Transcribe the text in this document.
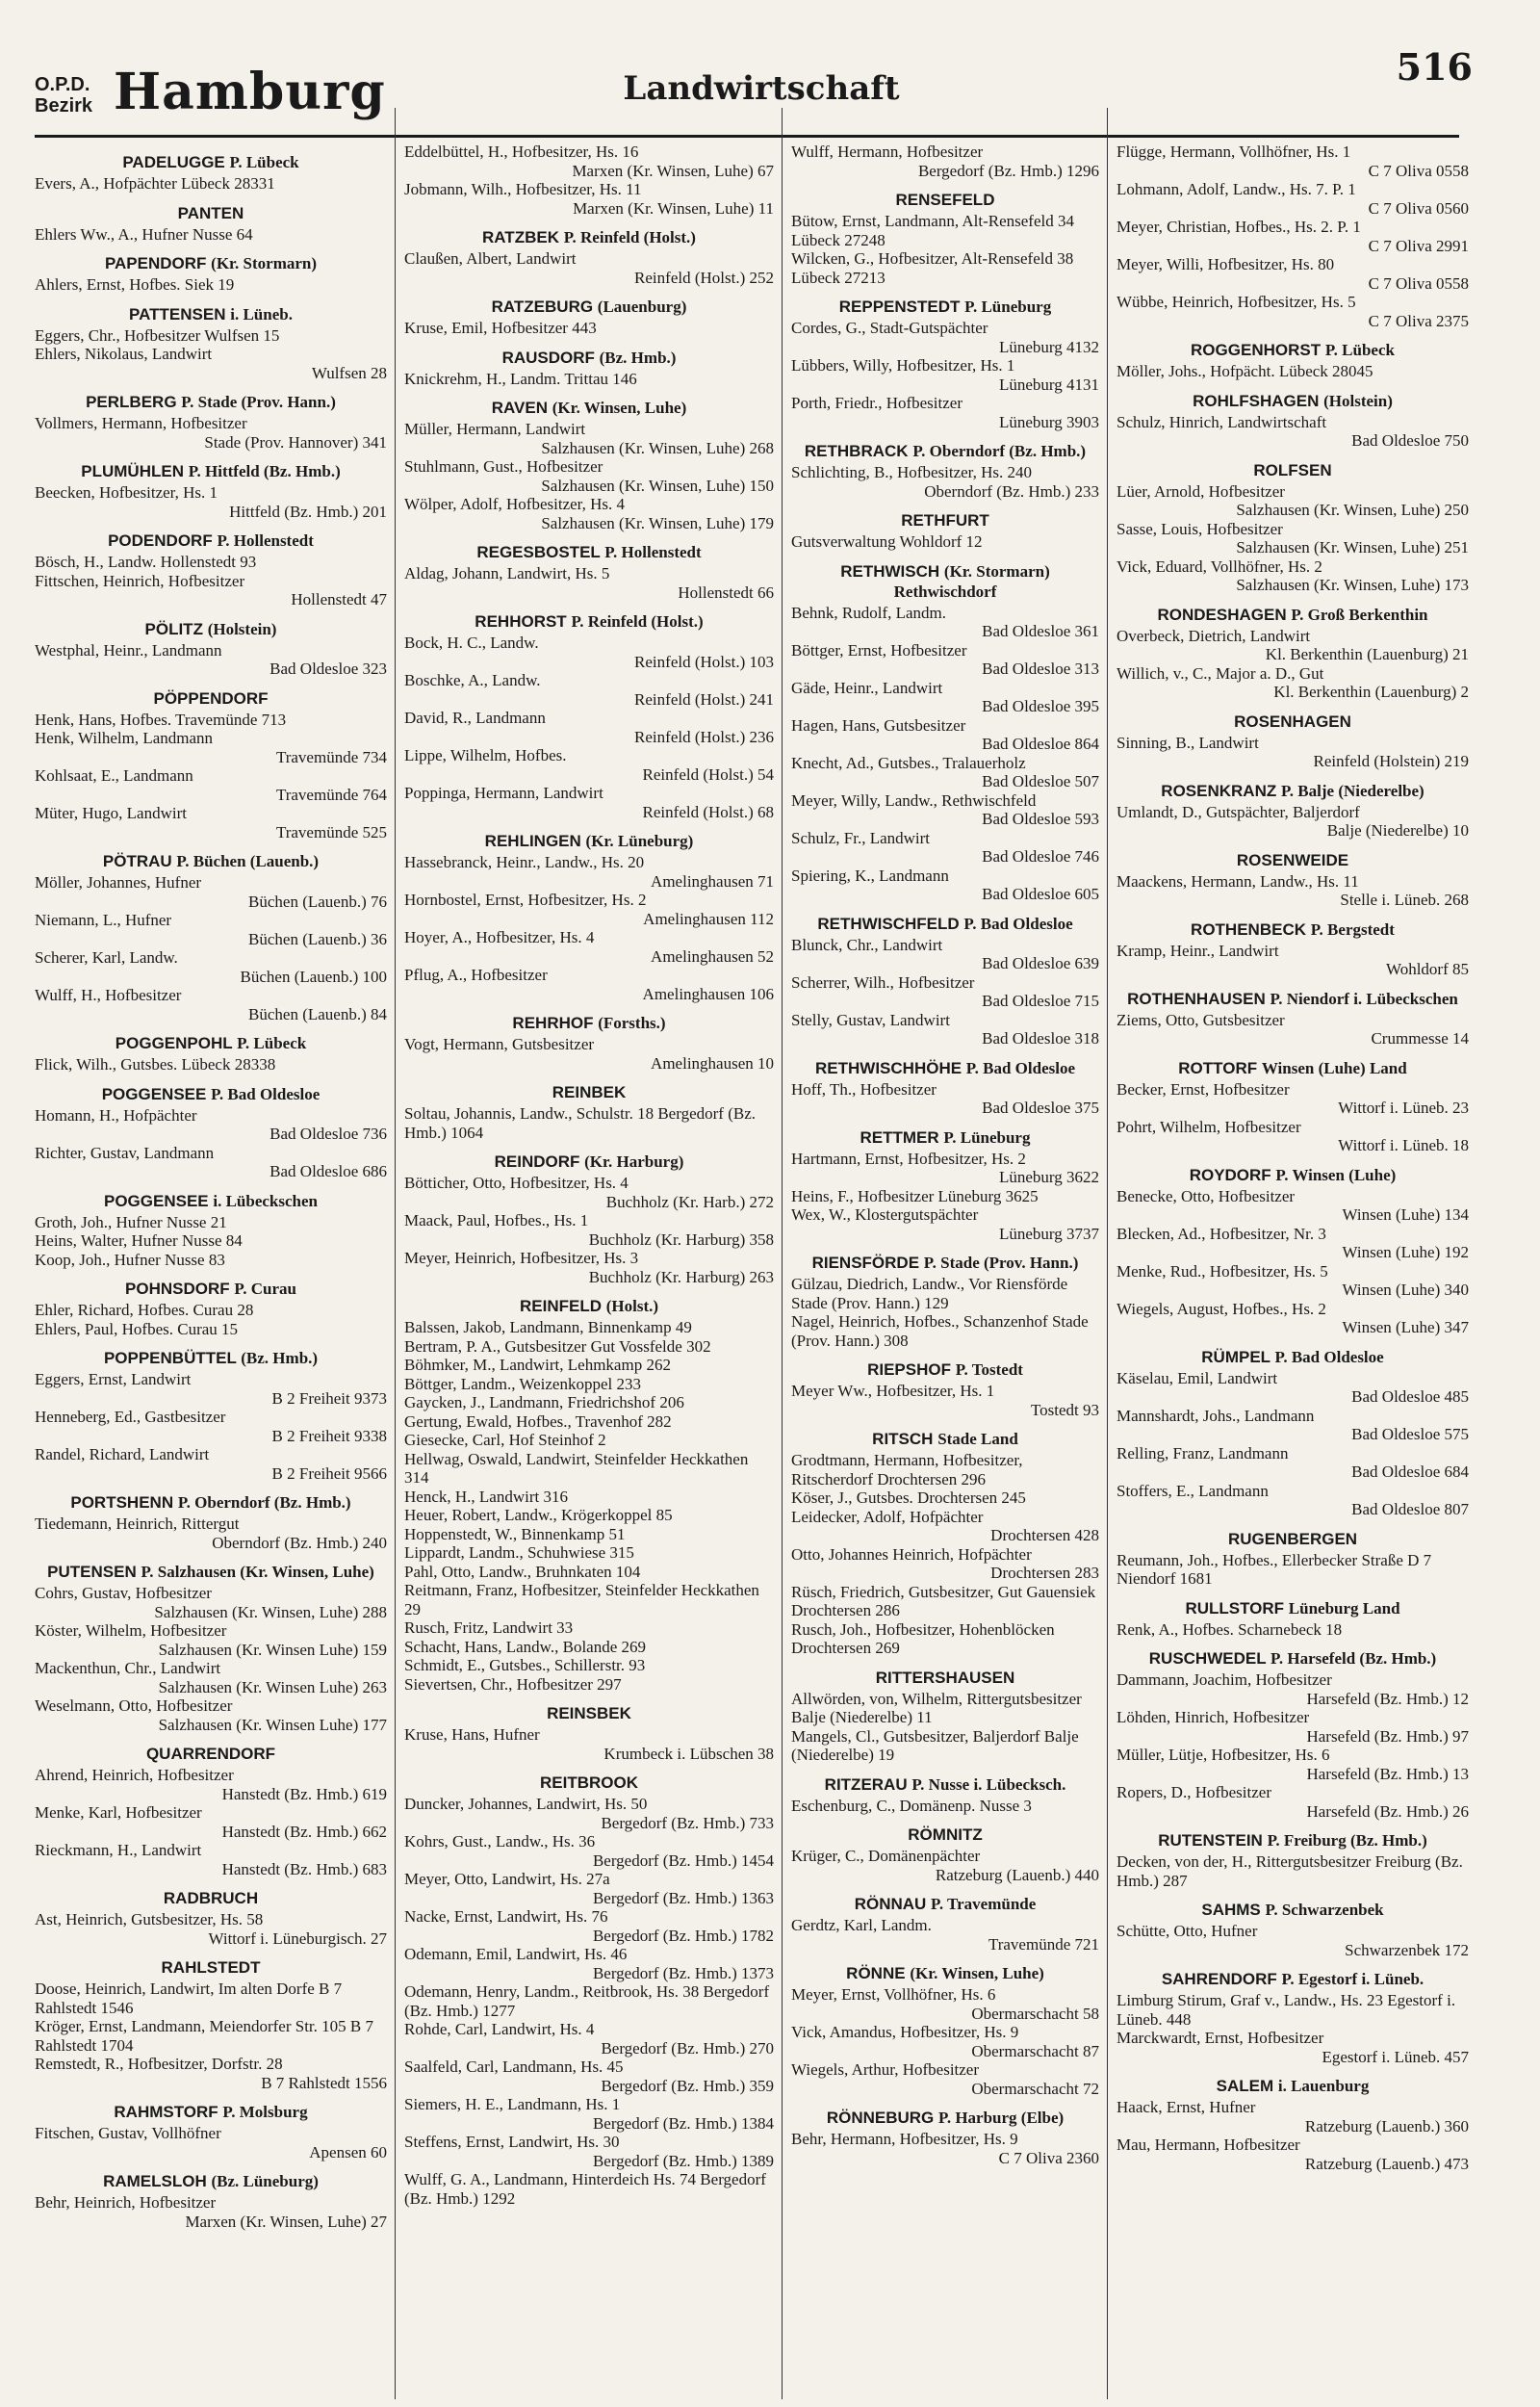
O.P.D.
Bezirk Hamburg	Landwirtschaft	516
PADELUGGE P. Lübeck
Evers, A., Hofpächter Lübeck 28331
PANTEN
Ehlers Ww., A., Hufner Nusse 64
PAPENDORF (Kr. Stormarn)
Ahlers, Ernst, Hofbes. Siek 19
PATTENSEN i. Lüneb.
Eggers, Chr., Hofbesitzer Wulfsen 15
Ehlers, Nikolaus, Landwirt
Wulfsen 28
PERLBERG P. Stade (Prov. Hann.)
Vollmers, Hermann, Hofbesitzer
Stade (Prov. Hannover) 341
PLUMÜHLEN P. Hittfeld (Bz. Hmb.)
Beecken, Hofbesitzer, Hs. 1
Hittfeld (Bz. Hmb.) 201
PODENDORF P. Hollenstedt
Bösch, H., Landw. Hollenstedt 93
Fittschen, Heinrich, Hofbesitzer
Hollenstedt 47
PÖLITZ (Holstein)
Westphal, Heinr., Landmann
Bad Oldesloe 323
PÖPPENDORF
Henk, Hans, Hofbes. Travemünde 713
Henk, Wilhelm, Landmann
Travemünde 734
Kohlsaat, E., Landmann
Travemünde 764
Müter, Hugo, Landwirt
Travemünde 525
PÖTRAU P. Büchen (Lauenb.)
Möller, Johannes, Hufner
Büchen (Lauenb.) 76
Niemann, L., Hufner
Büchen (Lauenb.) 36
Scherer, Karl, Landw.
Büchen (Lauenb.) 100
Wulff, H., Hofbesitzer
Büchen (Lauenb.) 84
POGGENPOHL P. Lübeck
Flick, Wilh., Gutsbes. Lübeck 28338
POGGENSEE P. Bad Oldesloe
Homann, H., Hofpächter
Bad Oldesloe 736
Richter, Gustav, Landmann
Bad Oldesloe 686
POGGENSEE i. Lübeckschen
Groth, Joh., Hufner Nusse 21
Heins, Walter, Hufner Nusse 84
Koop, Joh., Hufner Nusse 83
POHNSDORF P. Curau
Ehler, Richard, Hofbes. Curau 28
Ehlers, Paul, Hofbes. Curau 15
POPPENBÜTTEL (Bz. Hmb.)
Eggers, Ernst, Landwirt
B 2 Freiheit 9373
Henneberg, Ed., Gastbesitzer
B 2 Freiheit 9338
Randel, Richard, Landwirt
B 2 Freiheit 9566
PORTSHENN P. Oberndorf (Bz. Hmb.)
Tiedemann, Heinrich, Rittergut
Oberndorf (Bz. Hmb.) 240
PUTENSEN P. Salzhausen (Kr. Winsen, Luhe)
Cohrs, Gustav, Hofbesitzer
Salzhausen (Kr. Winsen, Luhe) 288
Köster, Wilhelm, Hofbesitzer
Salzhausen (Kr. Winsen Luhe) 159
Mackenthun, Chr., Landwirt
Salzhausen (Kr. Winsen Luhe) 263
Weselmann, Otto, Hofbesitzer
Salzhausen (Kr. Winsen Luhe) 177
QUARRENDORF
Ahrend, Heinrich, Hofbesitzer
Hanstedt (Bz. Hmb.) 619
Menke, Karl, Hofbesitzer
Hanstedt (Bz. Hmb.) 662
Rieckmann, H., Landwirt
Hanstedt (Bz. Hmb.) 683
RADBRUCH
Ast, Heinrich, Gutsbesitzer, Hs. 58
Wittorf i. Lüneburgisch. 27
RAHLSTEDT
Doose, Heinrich, Landwirt, Im alten Dorfe B 7 Rahlstedt 1546
Kröger, Ernst, Landmann, Meiendorfer Str. 105 B 7 Rahlstedt 1704
Remstedt, R., Hofbesitzer, Dorfstr. 28
B 7 Rahlstedt 1556
RAHMSTORF P. Molsburg
Fitschen, Gustav, Vollhöfner
Apensen 60
RAMELSLOH (Bz. Lüneburg)
Behr, Heinrich, Hofbesitzer
Marxen (Kr. Winsen, Luhe) 27
Eddelbüttel, H., Hofbesitzer, Hs. 16
Marxen (Kr. Winsen, Luhe) 67
Jobmann, Wilh., Hofbesitzer, Hs. 11
Marxen (Kr. Winsen, Luhe) 11
RATZBEK P. Reinfeld (Holst.)
Claußen, Albert, Landwirt
Reinfeld (Holst.) 252
RATZEBURG (Lauenburg)
Kruse, Emil, Hofbesitzer 443
RAUSDORF (Bz. Hmb.)
Knickrehm, H., Landm. Trittau 146
RAVEN (Kr. Winsen, Luhe)
Müller, Hermann, Landwirt
Salzhausen (Kr. Winsen, Luhe) 268
Stuhlmann, Gust., Hofbesitzer
Salzhausen (Kr. Winsen, Luhe) 150
Wölper, Adolf, Hofbesitzer, Hs. 4
Salzhausen (Kr. Winsen, Luhe) 179
REGESBOSTEL P. Hollenstedt
Aldag, Johann, Landwirt, Hs. 5
Hollenstedt 66
REHHORST P. Reinfeld (Holst.)
Bock, H. C., Landw.
Reinfeld (Holst.) 103
Boschke, A., Landw.
Reinfeld (Holst.) 241
David, R., Landmann
Reinfeld (Holst.) 236
Lippe, Wilhelm, Hofbes.
Reinfeld (Holst.) 54
Poppinga, Hermann, Landwirt
Reinfeld (Holst.) 68
REHLINGEN (Kr. Lüneburg)
Hassebranck, Heinr., Landw., Hs. 20
Amelinghausen 71
Hornbostel, Ernst, Hofbesitzer, Hs. 2
Amelinghausen 112
Hoyer, A., Hofbesitzer, Hs. 4
Amelinghausen 52
Pflug, A., Hofbesitzer
Amelinghausen 106
REHRHOF (Forsths.)
Vogt, Hermann, Gutsbesitzer
Amelinghausen 10
REINBEK
Soltau, Johannis, Landw., Schulstr. 18 Bergedorf (Bz. Hmb.) 1064
REINDORF (Kr. Harburg)
Bötticher, Otto, Hofbesitzer, Hs. 4
Buchholz (Kr. Harb.) 272
Maack, Paul, Hofbes., Hs. 1
Buchholz (Kr. Harburg) 358
Meyer, Heinrich, Hofbesitzer, Hs. 3
Buchholz (Kr. Harburg) 263
REINFELD (Holst.)
Balssen, Jakob, Landmann, Binnenkamp 49
Bertram, P. A., Gutsbesitzer Gut Vossfelde 302
Böhmker, M., Landwirt, Lehmkamp 262
Böttger, Landm., Weizenkoppel 233
Gaycken, J., Landmann, Friedrichshof 206
Gertung, Ewald, Hofbes., Travenhof 282
Giesecke, Carl, Hof Steinhof 2
Hellwag, Oswald, Landwirt, Steinfelder Heckkathen 314
Henck, H., Landwirt 316
Heuer, Robert, Landw., Krögerkoppel 85
Hoppenstedt, W., Binnenkamp 51
Lippardt, Landm., Schuhwiese 315
Pahl, Otto, Landw., Bruhnkaten 104
Reitmann, Franz, Hofbesitzer, Steinfelder Heckkathen 29
Rusch, Fritz, Landwirt 33
Schacht, Hans, Landw., Bolande 269
Schmidt, E., Gutsbes., Schillerstr. 93
Sievertsen, Chr., Hofbesitzer 297
REINSBEK
Kruse, Hans, Hufner
Krumbeck i. Lübschen 38
REITBROOK
Duncker, Johannes, Landwirt, Hs. 50
Bergedorf (Bz. Hmb.) 733
Kohrs, Gust., Landw., Hs. 36
Bergedorf (Bz. Hmb.) 1454
Meyer, Otto, Landwirt, Hs. 27a
Bergedorf (Bz. Hmb.) 1363
Nacke, Ernst, Landwirt, Hs. 76
Bergedorf (Bz. Hmb.) 1782
Odemann, Emil, Landwirt, Hs. 46
Bergedorf (Bz. Hmb.) 1373
Odemann, Henry, Landm., Reitbrook, Hs. 38 Bergedorf (Bz. Hmb.) 1277
Rohde, Carl, Landwirt, Hs. 4
Bergedorf (Bz. Hmb.) 270
Saalfeld, Carl, Landmann, Hs. 45
Bergedorf (Bz. Hmb.) 359
Siemers, H. E., Landmann, Hs. 1
Bergedorf (Bz. Hmb.) 1384
Steffens, Ernst, Landwirt, Hs. 30
Bergedorf (Bz. Hmb.) 1389
Wulff, G. A., Landmann, Hinterdeich Hs. 74 Bergedorf (Bz. Hmb.) 1292
Wulff, Hermann, Hofbesitzer
Bergedorf (Bz. Hmb.) 1296
RENSEFELD
Bütow, Ernst, Landmann, Alt-Rensefeld 34 Lübeck 27248
Wilcken, G., Hofbesitzer, Alt-Rensefeld 38 Lübeck 27213
REPPENSTEDT P. Lüneburg
Cordes, G., Stadt-Gutspächter
Lüneburg 4132
Lübbers, Willy, Hofbesitzer, Hs. 1
Lüneburg 4131
Porth, Friedr., Hofbesitzer
Lüneburg 3903
RETHBRACK P. Oberndorf (Bz. Hmb.)
Schlichting, B., Hofbesitzer, Hs. 240
Oberndorf (Bz. Hmb.) 233
RETHFURT
Gutsverwaltung Wohldorf 12
RETHWISCH (Kr. Stormarn) Rethwischdorf
Behnk, Rudolf, Landm.
Bad Oldesloe 361
Böttger, Ernst, Hofbesitzer
Bad Oldesloe 313
Gäde, Heinr., Landwirt
Bad Oldesloe 395
Hagen, Hans, Gutsbesitzer
Bad Oldesloe 864
Knecht, Ad., Gutsbes., Tralauerholz
Bad Oldesloe 507
Meyer, Willy, Landw., Rethwischfeld
Bad Oldesloe 593
Schulz, Fr., Landwirt
Bad Oldesloe 746
Spiering, K., Landmann
Bad Oldesloe 605
RETHWISCHFELD P. Bad Oldesloe
Blunck, Chr., Landwirt
Bad Oldesloe 639
Scherrer, Wilh., Hofbesitzer
Bad Oldesloe 715
Stelly, Gustav, Landwirt
Bad Oldesloe 318
RETHWISCHHÖHE P. Bad Oldesloe
Hoff, Th., Hofbesitzer
Bad Oldesloe 375
RETTMER P. Lüneburg
Hartmann, Ernst, Hofbesitzer, Hs. 2
Lüneburg 3622
Heins, F., Hofbesitzer Lüneburg 3625
Wex, W., Klostergutspächter
Lüneburg 3737
RIENSFÖRDE P. Stade (Prov. Hann.)
Gülzau, Diedrich, Landw., Vor Riensförde Stade (Prov. Hann.) 129
Nagel, Heinrich, Hofbes., Schanzenhof Stade (Prov. Hann.) 308
RIEPSHOF P. Tostedt
Meyer Ww., Hofbesitzer, Hs. 1
Tostedt 93
RITSCH Stade Land
Grodtmann, Hermann, Hofbesitzer, Ritscherdorf Drochtersen 296
Köser, J., Gutsbes. Drochtersen 245
Leidecker, Adolf, Hofpächter
Drochtersen 428
Otto, Johannes Heinrich, Hofpächter
Drochtersen 283
Rüsch, Friedrich, Gutsbesitzer, Gut Gauensiek Drochtersen 286
Rusch, Joh., Hofbesitzer, Hohenblöcken Drochtersen 269
RITTERSHAUSEN
Allwörden, von, Wilhelm, Rittergutsbesitzer Balje (Niederelbe) 11
Mangels, Cl., Gutsbesitzer, Baljerdorf Balje (Niederelbe) 19
RITZERAU P. Nusse i. Lübecksch.
Eschenburg, C., Domänenp. Nusse 3
RÖMNITZ
Krüger, C., Domänenpächter
Ratzeburg (Lauenb.) 440
RÖNNAU P. Travemünde
Gerdtz, Karl, Landm.
Travemünde 721
RÖNNE (Kr. Winsen, Luhe)
Meyer, Ernst, Vollhöfner, Hs. 6
Obermarschacht 58
Vick, Amandus, Hofbesitzer, Hs. 9
Obermarschacht 87
Wiegels, Arthur, Hofbesitzer
Obermarschacht 72
RÖNNEBURG P. Harburg (Elbe)
Behr, Hermann, Hofbesitzer, Hs. 9
C 7 Oliva 2360
Flügge, Hermann, Vollhöfner, Hs. 1
C 7 Oliva 0558
Lohmann, Adolf, Landw., Hs. 7. P. 1
C 7 Oliva 0560
Meyer, Christian, Hofbes., Hs. 2. P. 1
C 7 Oliva 2991
Meyer, Willi, Hofbesitzer, Hs. 80
C 7 Oliva 0558
Wübbe, Heinrich, Hofbesitzer, Hs. 5
C 7 Oliva 2375
ROGGENHORST P. Lübeck
Möller, Johs., Hofpächt. Lübeck 28045
ROHLFSHAGEN (Holstein)
Schulz, Hinrich, Landwirtschaft
Bad Oldesloe 750
ROLFSEN
Lüer, Arnold, Hofbesitzer
Salzhausen (Kr. Winsen, Luhe) 250
Sasse, Louis, Hofbesitzer
Salzhausen (Kr. Winsen, Luhe) 251
Vick, Eduard, Vollhöfner, Hs. 2
Salzhausen (Kr. Winsen, Luhe) 173
RONDESHAGEN P. Groß Berkenthin
Overbeck, Dietrich, Landwirt
Kl. Berkenthin (Lauenburg) 21
Willich, v., C., Major a. D., Gut
Kl. Berkenthin (Lauenburg) 2
ROSENHAGEN
Sinning, B., Landwirt
Reinfeld (Holstein) 219
ROSENKRANZ P. Balje (Niederelbe)
Umlandt, D., Gutspächter, Baljerdorf
Balje (Niederelbe) 10
ROSENWEIDE
Maackens, Hermann, Landw., Hs. 11
Stelle i. Lüneb. 268
ROTHENBECK P. Bergstedt
Kramp, Heinr., Landwirt
Wohldorf 85
ROTHENHAUSEN P. Niendorf i. Lübeckschen
Ziems, Otto, Gutsbesitzer
Crummesse 14
ROTTORF Winsen (Luhe) Land
Becker, Ernst, Hofbesitzer
Wittorf i. Lüneb. 23
Pohrt, Wilhelm, Hofbesitzer
Wittorf i. Lüneb. 18
ROYDORF P. Winsen (Luhe)
Benecke, Otto, Hofbesitzer
Winsen (Luhe) 134
Blecken, Ad., Hofbesitzer, Nr. 3
Winsen (Luhe) 192
Menke, Rud., Hofbesitzer, Hs. 5
Winsen (Luhe) 340
Wiegels, August, Hofbes., Hs. 2
Winsen (Luhe) 347
RÜMPEL P. Bad Oldesloe
Käselau, Emil, Landwirt
Bad Oldesloe 485
Mannshardt, Johs., Landmann
Bad Oldesloe 575
Relling, Franz, Landmann
Bad Oldesloe 684
Stoffers, E., Landmann
Bad Oldesloe 807
RUGENBERGEN
Reumann, Joh., Hofbes., Ellerbecker Straße D 7 Niendorf 1681
RULLSTORF Lüneburg Land
Renk, A., Hofbes. Scharnebeck 18
RUSCHWEDEL P. Harsefeld (Bz. Hmb.)
Dammann, Joachim, Hofbesitzer
Harsefeld (Bz. Hmb.) 12
Löhden, Hinrich, Hofbesitzer
Harsefeld (Bz. Hmb.) 97
Müller, Lütje, Hofbesitzer, Hs. 6
Harsefeld (Bz. Hmb.) 13
Ropers, D., Hofbesitzer
Harsefeld (Bz. Hmb.) 26
RUTENSTEIN P. Freiburg (Bz. Hmb.)
Decken, von der, H., Rittergutsbesitzer Freiburg (Bz. Hmb.) 287
SAHMS P. Schwarzenbek
Schütte, Otto, Hufner
Schwarzenbek 172
SAHRENDORF P. Egestorf i. Lüneb.
Limburg Stirum, Graf v., Landw., Hs. 23 Egestorf i. Lüneb. 448
Marckwardt, Ernst, Hofbesitzer
Egestorf i. Lüneb. 457
SALEM i. Lauenburg
Haack, Ernst, Hufner
Ratzeburg (Lauenb.) 360
Mau, Hermann, Hofbesitzer
Ratzeburg (Lauenb.) 473
